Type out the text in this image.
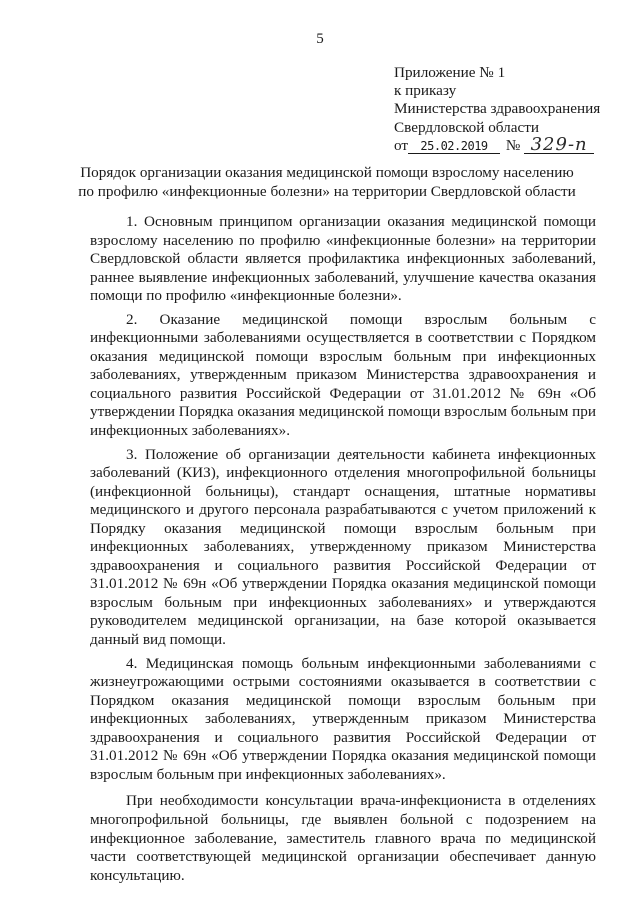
5
Приложение № 1
к приказу
Министерства здравоохранения
Свердловской области
от 25.02.2019 № 329-п
Порядок организации оказания медицинской помощи взрослому населению
по профилю «инфекционные болезни» на территории Свердловской области

1. Основным принципом организации оказания медицинской помощи взрослому населению по профилю «инфекционные болезни» на территории Свердловской области является профилактика инфекционных заболеваний, раннее выявление инфекционных заболеваний, улучшение качества оказания помощи по профилю «инфекционные болезни».

2. Оказание медицинской помощи взрослым больным с инфекционными заболеваниями осуществляется в соответствии с Порядком оказания медицинской помощи взрослым больным при инфекционных заболеваниях, утвержденным приказом Министерства здравоохранения и социального развития Российской Федерации от 31.01.2012 № 69н «Об утверждении Порядка оказания медицинской помощи взрослым больным при инфекционных заболеваниях».

3. Положение об организации деятельности кабинета инфекционных заболеваний (КИЗ), инфекционного отделения многопрофильной больницы (инфекционной больницы), стандарт оснащения, штатные нормативы медицинского и другого персонала разрабатываются с учетом приложений к Порядку оказания медицинской помощи взрослым больным при инфекционных заболеваниях, утвержденному приказом Министерства здравоохранения и социального развития Российской Федерации от 31.01.2012 № 69н «Об утверждении Порядка оказания медицинской помощи взрослым больным при инфекционных заболеваниях» и утверждаются руководителем медицинской организации, на базе которой оказывается данный вид помощи.

4. Медицинская помощь больным инфекционными заболеваниями с жизнеугрожающими острыми состояниями оказывается в соответствии с Порядком оказания медицинской помощи взрослым больным при инфекционных заболеваниях, утвержденным приказом Министерства здравоохранения и социального развития Российской Федерации от 31.01.2012 № 69н «Об утверждении Порядка оказания медицинской помощи взрослым больным при инфекционных заболеваниях».

При необходимости консультации врача-инфекциониста в отделениях многопрофильной больницы, где выявлен больной с подозрением на инфекционное заболевание, заместитель главного врача по медицинской части соответствующей медицинской организации обеспечивает данную консультацию.
